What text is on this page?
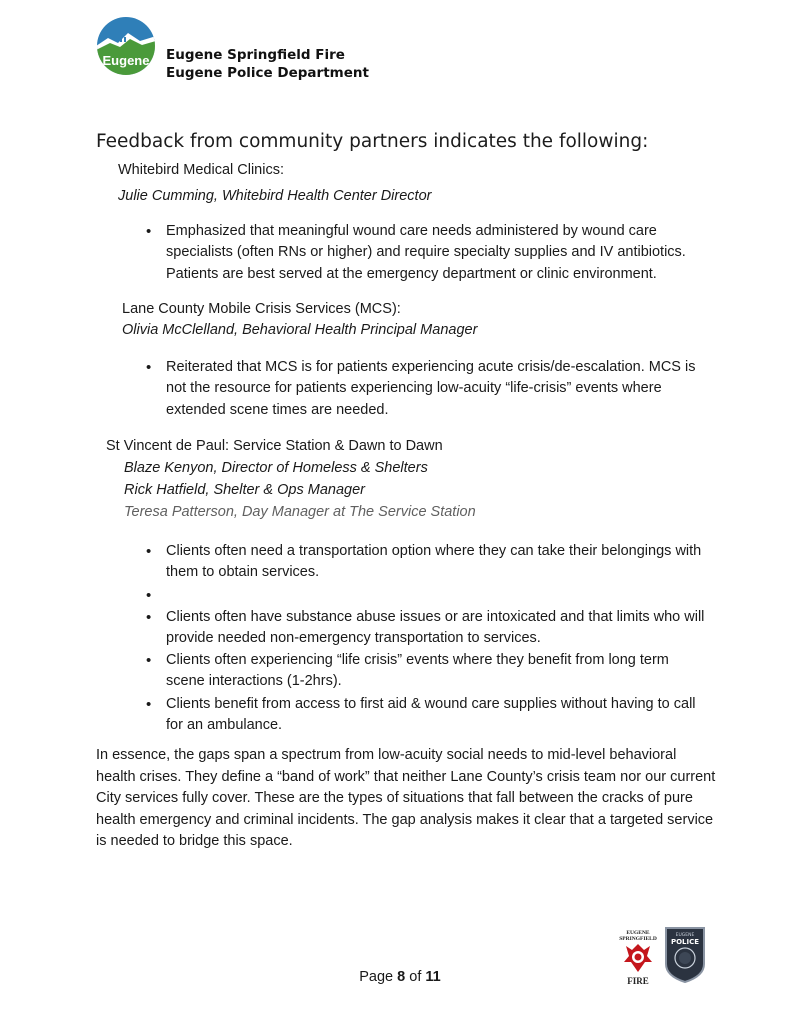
Eugene Eugene Springfield Fire
Eugene Police Department
Feedback from community partners indicates the following:
Whitebird Medical Clinics:
Julie Cumming, Whitebird Health Center Director
• Emphasized that meaningful wound care needs administered by wound care specialists (often RNs or higher) and require specialty supplies and IV antibiotics. Patients are best served at the emergency department or clinic environment.
Lane County Mobile Crisis Services (MCS):
Olivia McClelland, Behavioral Health Principal Manager
• Reiterated that MCS is for patients experiencing acute crisis/de-escalation. MCS is not the resource for patients experiencing low-acuity “life-crisis” events where extended scene times are needed.
St Vincent de Paul: Service Station & Dawn to Dawn
Blaze Kenyon, Director of Homeless & Shelters
Rick Hatfield, Shelter & Ops Manager
Teresa Patterson, Day Manager at The Service Station
• Clients often need a transportation option where they can take their belongings with them to obtain services.
•
• Clients often have substance abuse issues or are intoxicated and that limits who will provide needed non-emergency transportation to services.
• Clients often experiencing “life crisis” events where they benefit from long term scene interactions (1-2hrs).
• Clients benefit from access to first aid & wound care supplies without having to call for an ambulance.
In essence, the gaps span a spectrum from low-acuity social needs to mid-level behavioral health crises. They define a “band of work” that neither Lane County’s crisis team nor our current City services fully cover. These are the types of situations that fall between the cracks of pure health emergency and criminal incidents. The gap analysis makes it clear that a targeted service is needed to bridge this space.
Page 8 of 11
EUGENE
SPRINGFIELD
FIRE
EUGENE
POLICE
